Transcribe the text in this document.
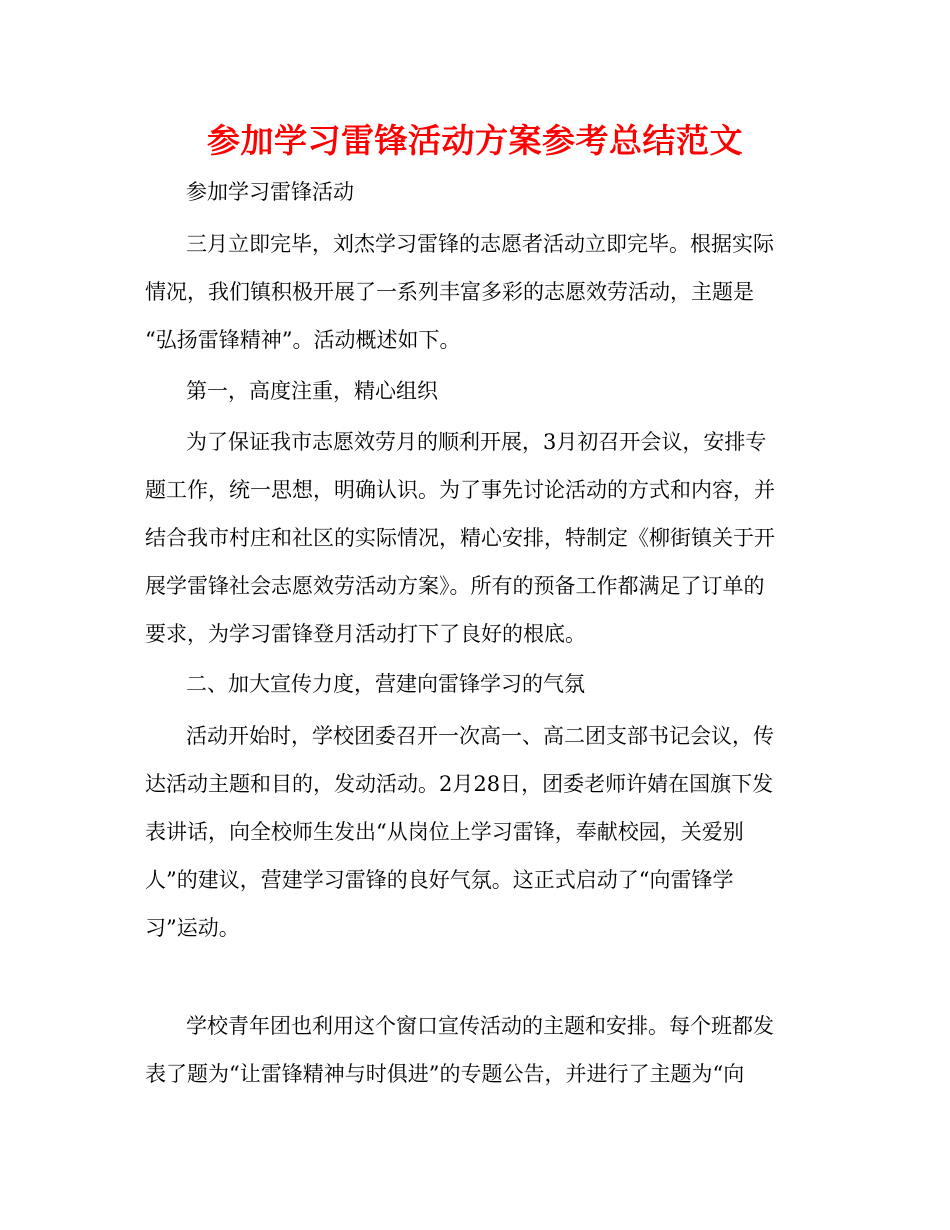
参加学习雷锋活动方案参考总结范文

参加学习雷锋活动

三月立即完毕，刘杰学习雷锋的志愿者活动立即完毕。根据实际

情况，我们镇积极开展了一系列丰富多彩的志愿效劳活动，主题是

“弘扬雷锋精神”。活动概述如下。

第一，高度注重，精心组织

为了保证我市志愿效劳月的顺利开展，3月初召开会议，安排专

题工作，统一思想，明确认识。为了事先讨论活动的方式和内容，并

结合我市村庄和社区的实际情况，精心安排，特制定《柳街镇关于开

展学雷锋社会志愿效劳活动方案》。所有的预备工作都满足了订单的

要求，为学习雷锋登月活动打下了良好的根底。

二、加大宣传力度，营建向雷锋学习的气氛

活动开始时，学校团委召开一次高一、高二团支部书记会议，传

达活动主题和目的，发动活动。2月28日，团委老师许婧在国旗下发

表讲话，向全校师生发出“从岗位上学习雷锋，奉献校园，关爱别

人”的建议，营建学习雷锋的良好气氛。这正式启动了“向雷锋学

习”运动。

学校青年团也利用这个窗口宣传活动的主题和安排。每个班都发

表了题为“让雷锋精神与时俱进”的专题公告，并进行了主题为“向
